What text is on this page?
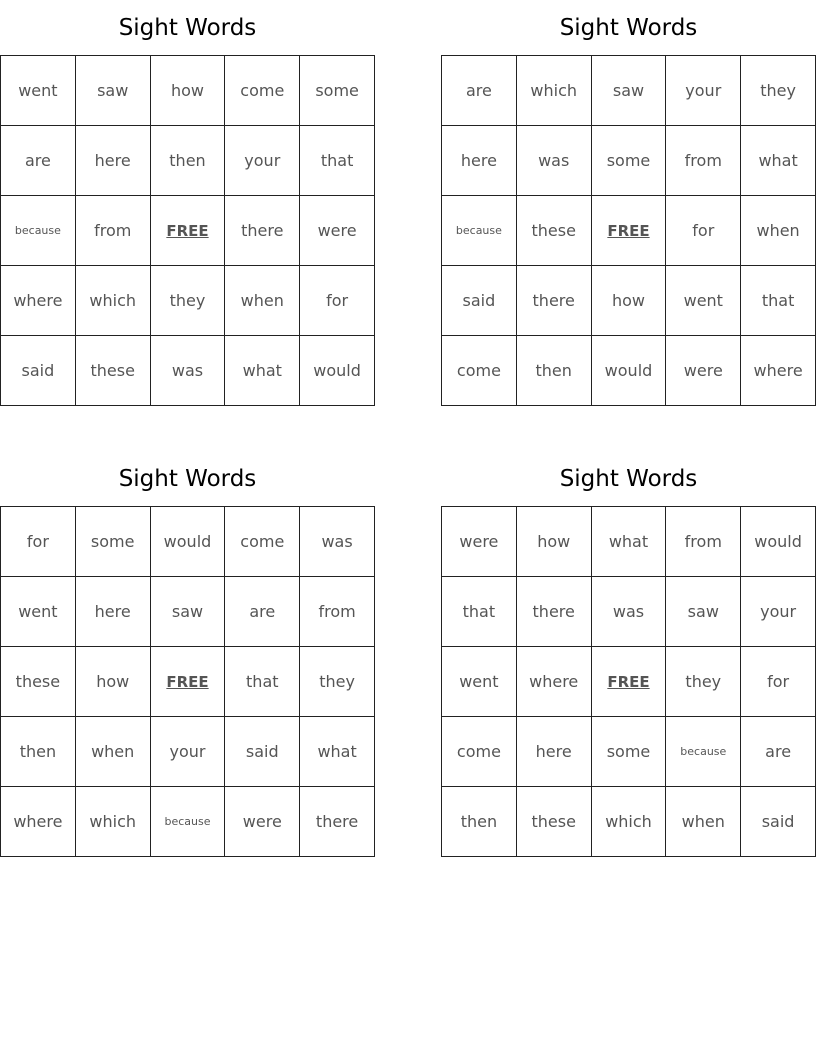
Sight Words
went	saw	how	come	some
are	here	then	your	that
because	from	FREE	there	were
where	which	they	when	for
said	these	was	what	would
Sight Words
are	which	saw	your	they
here	was	some	from	what
because	these	FREE	for	when
said	there	how	went	that
come	then	would	were	where
Sight Words
for	some	would	come	was
went	here	saw	are	from
these	how	FREE	that	they
then	when	your	said	what
where	which	because	were	there
Sight Words
were	how	what	from	would
that	there	was	saw	your
went	where	FREE	they	for
come	here	some	because	are
then	these	which	when	said
